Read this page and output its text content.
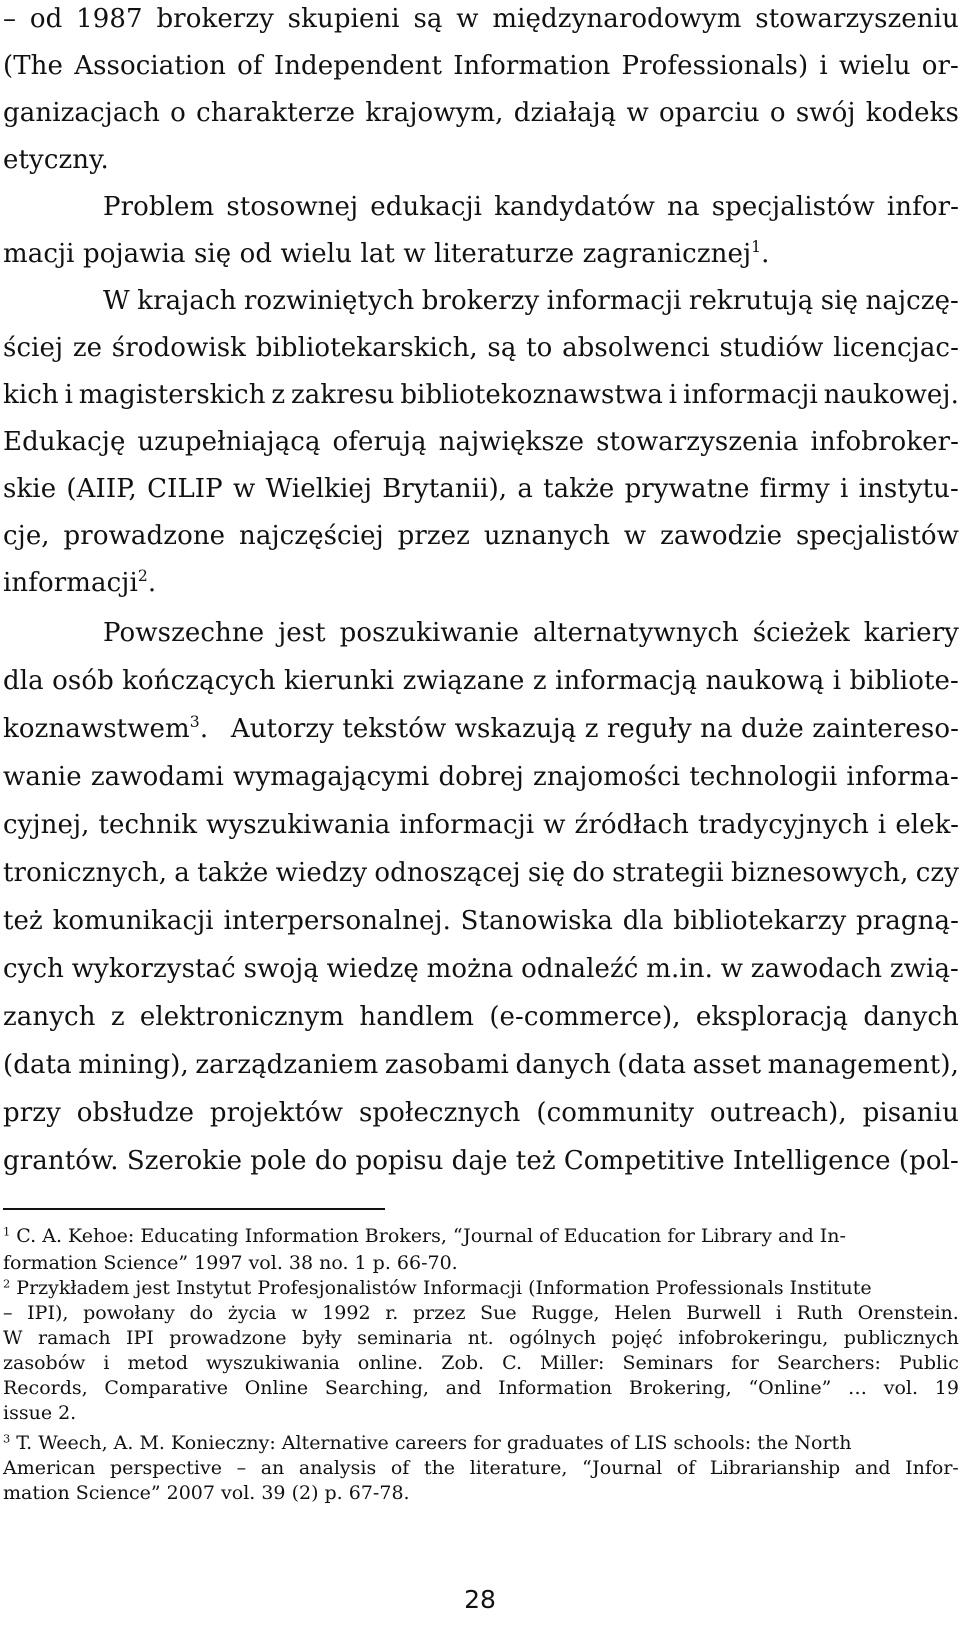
– od 1987 brokerzy skupieni są w międzynarodowym stowarzyszeniu
(The Association of Independent Information Professionals) i wielu or-
ganizacjach o charakterze krajowym, działają w oparciu o swój kodeks
etyczny.
Problem stosownej edukacji kandydatów na specjalistów infor-
macji pojawia się od wielu lat w literaturze zagranicznej$^1$.
W krajach rozwiniętych brokerzy informacji rekrutują się najczę-
ściej ze środowisk bibliotekarskich, są to absolwenci studiów licencjac-
kich i magisterskich z zakresu bibliotekoznawstwa i informacji naukowej.
Edukację uzupełniającą oferują największe stowarzyszenia infobroker-
skie (AIIP, CILIP w Wielkiej Brytanii), a także prywatne firmy i instytu-
cje, prowadzone najczęściej przez uznanych w zawodzie specjalistów
informacji$^2$.
Powszechne jest poszukiwanie alternatywnych ścieżek kariery
dla osób kończących kierunki związane z informacją naukową i bibliote-
koznawstwem$^3$. Autorzy tekstów wskazują z reguły na duże zaintereso-
wanie zawodami wymagającymi dobrej znajomości technologii informa-
cyjnej, technik wyszukiwania informacji w źródłach tradycyjnych i elek-
tronicznych, a także wiedzy odnoszącej się do strategii biznesowych, czy
też komunikacji interpersonalnej. Stanowiska dla bibliotekarzy pragną-
cych wykorzystać swoją wiedzę można odnaleźć m.in. w zawodach zwią-
zanych z elektronicznym handlem (e-commerce), eksploracją danych
(data mining), zarządzaniem zasobami danych (data asset management),
przy obsłudze projektów społecznych (community outreach), pisaniu
grantów. Szerokie pole do popisu daje też Competitive Intelligence (pol-
$^1$ C. A. Kehoe: Educating Information Brokers, “Journal of Education for Library and In-
formation Science” 1997 vol. 38 no. 1 p. 66-70.
$^2$ Przykładem jest Instytut Profesjonalistów Informacji (Information Professionals Institute
– IPI), powołany do życia w 1992 r. przez Sue Rugge, Helen Burwell i Ruth Orenstein.
W ramach IPI prowadzone były seminaria nt. ogólnych pojęć infobrokeringu, publicznych
zasobów i metod wyszukiwania online. Zob. C. Miller: Seminars for Searchers: Public
Records, Comparative Online Searching, and Information Brokering, “Online” … vol. 19
issue 2.
$^3$ T. Weech, A. M. Konieczny: Alternative careers for graduates of LIS schools: the North
American perspective – an analysis of the literature, “Journal of Librarianship and Infor-
mation Science” 2007 vol. 39 (2) p. 67-78.
28
